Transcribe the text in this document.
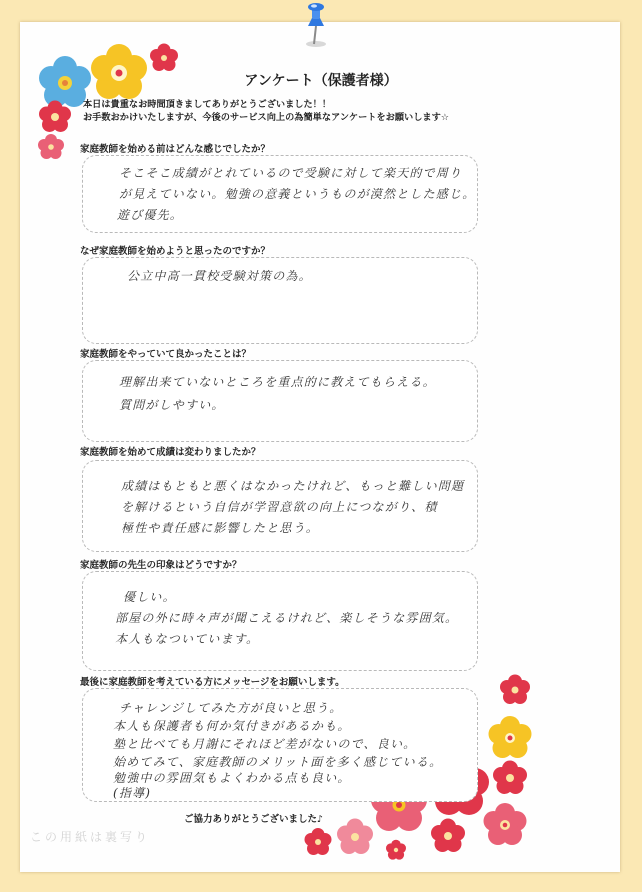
アンケート（保護者様）
本日は貴重なお時間頂きましてありがとうございました！！
お手数おかけいたしますが、今後のサービス向上の為簡単なアンケートをお願いします☆
家庭教師を始める前はどんな感じでしたか？
そこそこ成績がとれているので受験に対して楽天的で周り
が見えていない。勉強の意義というものが漠然とした感じ。
遊び優先。
なぜ家庭教師を始めようと思ったのですか？
公立中高一貫校受験対策の為。
家庭教師をやっていて良かったことは？
理解出来ていないところを重点的に教えてもらえる。
質問がしやすい。
家庭教師を始めて成績は変わりましたか？
成績はもともと悪くはなかったけれど、もっと難しい問題
を解けるという自信が学習意欲の向上につながり、積
極性や責任感に影響したと思う。
家庭教師の先生の印象はどうですか？
優しい。
部屋の外に時々声が聞こえるけれど、楽しそうな雰囲気。
本人もなついています。
最後に家庭教師を考えている方にメッセージをお願いします。
チャレンジしてみた方が良いと思う。
本人も保護者も何か気付きがあるかも。
塾と比べても月謝にそれほど差がないので、良い。
始めてみて、家庭教師のメリット面を多く感じている。
勉強中の雰囲気もよくわかる点も良い。
(指導)
ご協力ありがとうございました♪
この用紙は裏写り
